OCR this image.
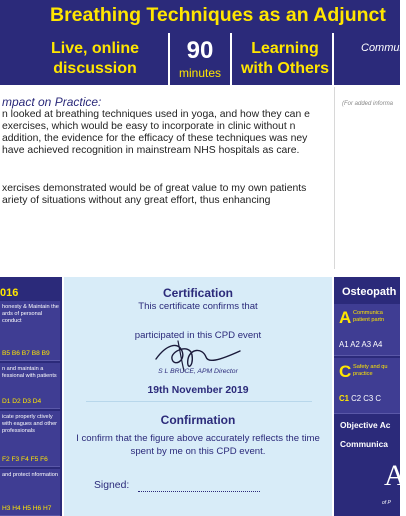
Breathing Techniques as an Adjunct
Live, online discussion
90
minutes
Learning with Others
Commun
mpact on Practice:
n looked at breathing techniques used in yoga, and how they can e exercises, which would be easy to incorporate in clinic without n addition, the evidence for the efficacy of these techniques was ney have achieved recognition in mainstream NHS hospitals as care.
xercises demonstrated would be of great value to my own patients ariety of situations without any great effort, thus enhancing
(For added informa
016
honesty & Maintain the ards of personal conduct
B5 B6 B7 B8 B9
n and maintain a fessional with patients
D1 D2 D3 D4
icate properly ctively with eagues and other professionals
F2 F3 F4 F5 F6
and protect nformation
H3 H4 H5 H6 H7
Certification
This certificate confirms that
participated in this CPD event
S L BRUCE, APM Director
19th November 2019
Confirmation
I confirm that the figure above accurately reflects the time spent by me on this CPD event.
Signed:
Osteopath
A Communica patient partn
A1 A2 A3 A4
C Safety and qu practice
C1 C2 C3 C
Objective Ac
Communica
A
of P
